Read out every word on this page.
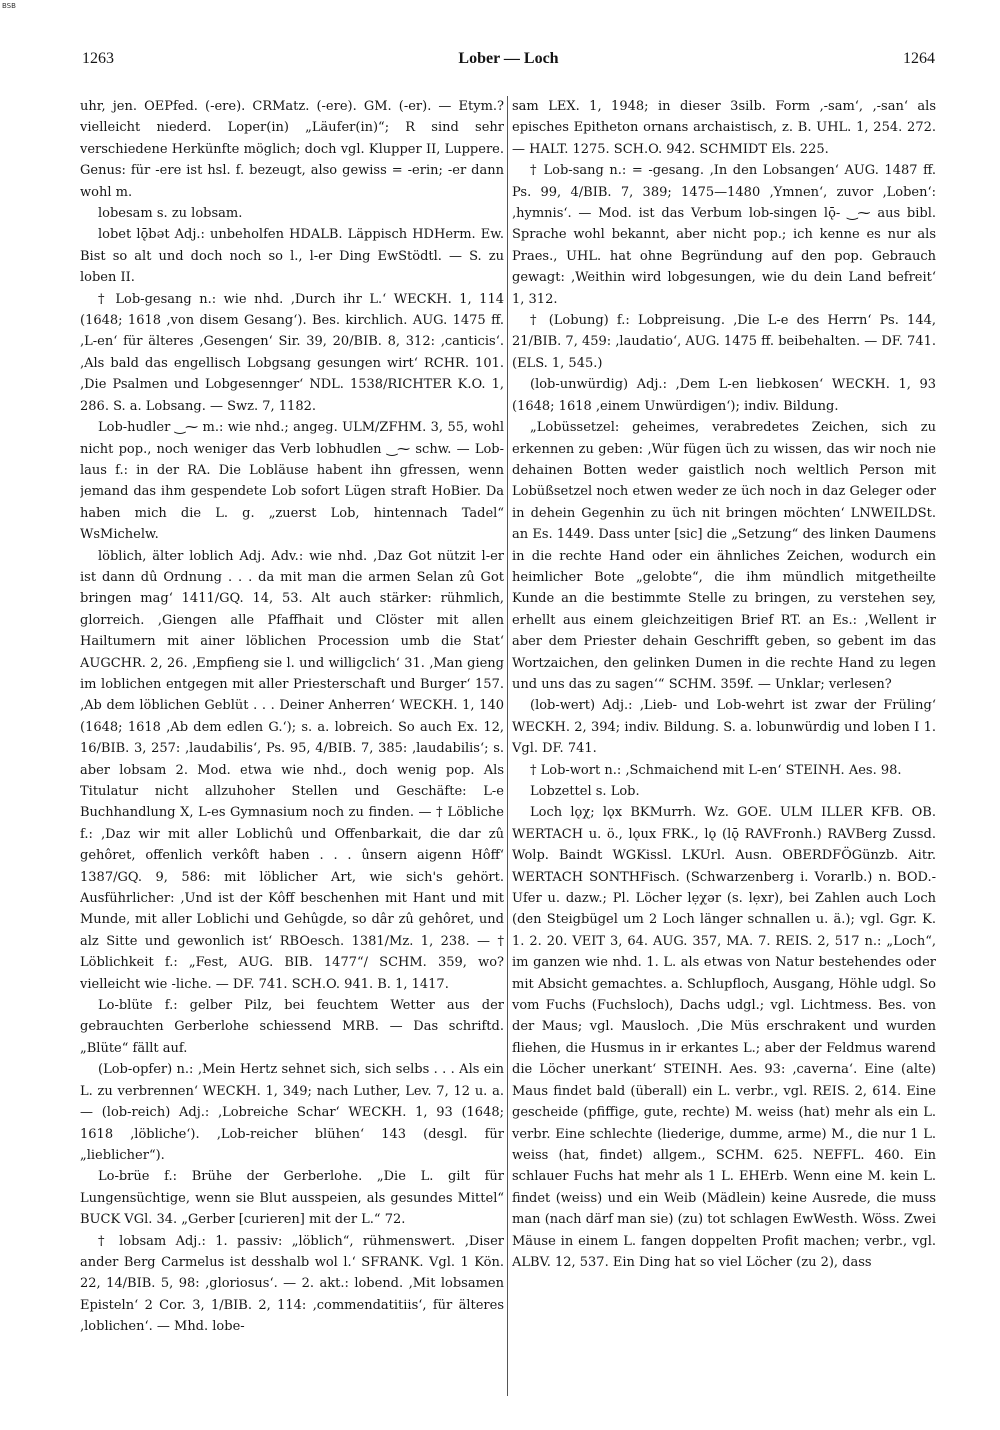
BSB
1263	Lober — Loch	1264

uhr, jen. OEPfed. (-ere). CRMatz. (-ere). GM. (-er). — Etym.? vielleicht niederd. Loper(in) „Läufer(in)“; R sind sehr verschiedene Herkünfte möglich; doch vgl. Klupper II, Luppere. Genus: für -ere ist hsl. f. bezeugt, also gewiss = -erin; -er dann wohl m.

lobesam s. zu lobsam.

lobet lǭbət Adj.: unbeholfen HDALB. Läppisch HDHerm. Ew. Bist so alt und doch noch so l., l-er Ding EwStödtl. — S. zu loben II.

† Lob-gesang n.: wie nhd. ‚Durch ihr L.‘ WECKH. 1, 114 (1648; 1618 ‚von disem Gesang‘). Bes. kirchlich. AUG. 1475 ff. ‚L-en‘ für älteres ‚Gesengen‘ Sir. 39, 20/BIB. 8, 312: ‚canticis‘. ‚Als bald das engellisch Lobgsang gesungen wirt‘ RCHR. 101. ‚Die Psalmen und Lobgesennger‘ NDL. 1538/RICHTER K.O. 1, 286. S. a. Lobsang. — Swz. 7, 1182.

Lob-hudler ‿⁓ m.: wie nhd.; angeg. ULM/ZFHM. 3, 55, wohl nicht pop., noch weniger das Verb lobhudlen ‿⁓ schw. — Lob-laus f.: in der RA. Die Lobläuse habent ihn gfressen, wenn jemand das ihm gespendete Lob sofort Lügen straft HoBier. Da haben mich die L. g. „zuerst Lob, hintennach Tadel“ WsMichelw.

löblich, älter loblich Adj. Adv.: wie nhd. ‚Daz Got nützit l-er ist dann dû Ordnung . . . da mit man die armen Selan zû Got bringen mag‘ 1411/GQ. 14, 53. Alt auch stärker: rühmlich, glorreich. ‚Giengen alle Pfaffhait und Clöster mit allen Hailtumern mit ainer löblichen Procession umb die Stat‘ AUGCHR. 2, 26. ‚Empfieng sie l. und willigclich‘ 31. ‚Man gieng im loblichen entgegen mit aller Priesterschaft und Burger‘ 157. ‚Ab dem löblichen Geblüt . . . Deiner Anherren‘ WECKH. 1, 140 (1648; 1618 ‚Ab dem edlen G.‘); s. a. lobreich. So auch Ex. 12, 16/BIB. 3, 257: ‚laudabilis‘, Ps. 95, 4/BIB. 7, 385: ‚laudabilis‘; s. aber lobsam 2. Mod. etwa wie nhd., doch wenig pop. Als Titulatur nicht allzuhoher Stellen und Geschäfte: L-e Buchhandlung X, L-es Gymnasium noch zu finden. — † Löbliche f.: ‚Daz wir mit aller Loblichû und Offenbarkait, die dar zû gehôret, offenlich verkôft haben . . . ûnsern aigenn Hôff‘ 1387/GQ. 9, 586: mit löblicher Art, wie sich's gehört. Ausführlicher: ‚Und ist der Kôff beschenhen mit Hant und mit Munde, mit aller Loblichi und Gehûgde, so dâr zû gehôret, und alz Sitte und gewonlich ist‘ RBOesch. 1381/Mz. 1, 238. — † Löblichkeit f.: „Fest, AUG. BIB. 1477“/ SCHM. 359, wo? vielleicht wie -liche. — DF. 741. SCH.O. 941. B. 1, 1417.

Lo-blüte f.: gelber Pilz, bei feuchtem Wetter aus der gebrauchten Gerberlohe schiessend MRB. — Das schriftd. „Blüte“ fällt auf.

(Lob-opfer) n.: ‚Mein Hertz sehnet sich, sich selbs . . . Als ein L. zu verbrennen‘ WECKH. 1, 349; nach Luther, Lev. 7, 12 u. a. — (lob-reich) Adj.: ‚Lobreiche Schar‘ WECKH. 1, 93 (1648; 1618 ‚löbliche‘). ‚Lob-reicher blühen‘ 143 (desgl. für „lieblicher“).

Lo-brüe f.: Brühe der Gerberlohe. „Die L. gilt für Lungensüchtige, wenn sie Blut ausspeien, als gesundes Mittel“ BUCK VGl. 34. „Gerber [curieren] mit der L.“ 72.

† lobsam Adj.: 1. passiv: „löblich“, rühmenswert. ‚Diser ander Berg Carmelus ist desshalb wol l.‘ SFRANK. Vgl. 1 Kön. 22, 14/BIB. 5, 98: ‚gloriosus‘. — 2. akt.: lobend. ‚Mit lobsamen Episteln‘ 2 Cor. 3, 1/BIB. 2, 114: ‚commendatitiis‘, für älteres ‚loblichen‘. — Mhd. lobe-

sam LEX. 1, 1948; in dieser 3silb. Form ‚-sam‘, ‚-san‘ als episches Epitheton ornans archaistisch, z. B. UHL. 1, 254. 272. — HALT. 1275. SCH.O. 942. SCHMIDT Els. 225.

† Lob-sang n.: = -gesang. ‚In den Lobsangen‘ AUG. 1487 ff. Ps. 99, 4/BIB. 7, 389; 1475—1480 ‚Ymnen‘, zuvor ‚Loben‘: ‚hymnis‘. — Mod. ist das Verbum lob-singen lǭ- ‿⁓ aus bibl. Sprache wohl bekannt, aber nicht pop.; ich kenne es nur als Praes., UHL. hat ohne Begründung auf den pop. Gebrauch gewagt: ‚Weithin wird lobgesungen, wie du dein Land befreit‘ 1, 312.

† (Lobung) f.: Lobpreisung. ‚Die L-e des Herrn‘ Ps. 144, 21/BIB. 7, 459: ‚laudatio‘, AUG. 1475 ff. beibehalten. — DF. 741. (ELS. 1, 545.)

(lob-unwürdig) Adj.: ‚Dem L-en liebkosen‘ WECKH. 1, 93 (1648; 1618 ‚einem Unwürdigen‘); indiv. Bildung.

„Lobüssetzel: geheimes, verabredetes Zeichen, sich zu erkennen zu geben: ‚Wür fügen üch zu wissen, das wir noch nie dehainen Botten weder gaistlich noch weltlich Person mit Lobüßsetzel noch etwen weder ze üch noch in daz Geleger oder in dehein Gegenhin zu üch nit bringen möchten‘ LNWEILDSt. an Es. 1449. Dass unter [sic] die „Setzung“ des linken Daumens in die rechte Hand oder ein ähnliches Zeichen, wodurch ein heimlicher Bote „gelobte“, die ihm mündlich mitgetheilte Kunde an die bestimmte Stelle zu bringen, zu verstehen sey, erhellt aus einem gleichzeitigen Brief RT. an Es.: ‚Wellent ir aber dem Priester dehain Geschrifft geben, so gebent im das Wortzaichen, den gelinken Dumen in die rechte Hand zu legen und uns das zu sagen‘“ SCHM. 359f. — Unklar; verlesen?

(lob-wert) Adj.: ‚Lieb- und Lob-wehrt ist zwar der Früling‘ WECKH. 2, 394; indiv. Bildung. S. a. lobunwürdig und loben I 1. Vgl. DF. 741.

† Lob-wort n.: ‚Schmaichend mit L-en‘ STEINH. Aes. 98.

Lobzettel s. Lob.

Loch lǫχ; lǫx BKMurrh. Wz. GOE. ULM ILLER KFB. OB. WERTACH u. ö., lǫux FRK., lǫ (lǭ RAVFronh.) RAVBerg Zussd. Wolp. Baindt WGKissl. LKUrl. Ausn. OBERDFÖGünzb. Aitr. WERTACH SONTHFisch. (Schwarzenberg i. Vorarlb.) n. BOD.-Ufer u. dazw.; Pl. Löcher lẹχər (s. lẹxr), bei Zahlen auch Loch (den Steigbügel um 2 Loch länger schnallen u. ä.); vgl. Ggr. K. 1. 2. 20. VEIT 3, 64. AUG. 357, MA. 7. REIS. 2, 517 n.: „Loch“, im ganzen wie nhd. 1. L. als etwas von Natur bestehendes oder mit Absicht gemachtes. a. Schlupfloch, Ausgang, Höhle udgl. So vom Fuchs (Fuchsloch), Dachs udgl.; vgl. Lichtmess. Bes. von der Maus; vgl. Mausloch. ‚Die Müs erschrakent und wurden fliehen, die Husmus in ir erkantes L.; aber der Feldmus warend die Löcher unerkant‘ STEINH. Aes. 93: ‚caverna‘. Eine (alte) Maus findet bald (überall) ein L. verbr., vgl. REIS. 2, 614. Eine gescheide (pfiffige, gute, rechte) M. weiss (hat) mehr als ein L. verbr. Eine schlechte (liederige, dumme, arme) M., die nur 1 L. weiss (hat, findet) allgem., SCHM. 625. NEFFL. 460. Ein schlauer Fuchs hat mehr als 1 L. EHErb. Wenn eine M. kein L. findet (weiss) und ein Weib (Mädlein) keine Ausrede, die muss man (nach därf man sie) (zu) tot schlagen EwWesth. Wöss. Zwei Mäuse in einem L. fangen doppelten Profit machen; verbr., vgl. ALBV. 12, 537. Ein Ding hat so viel Löcher (zu 2), dass
